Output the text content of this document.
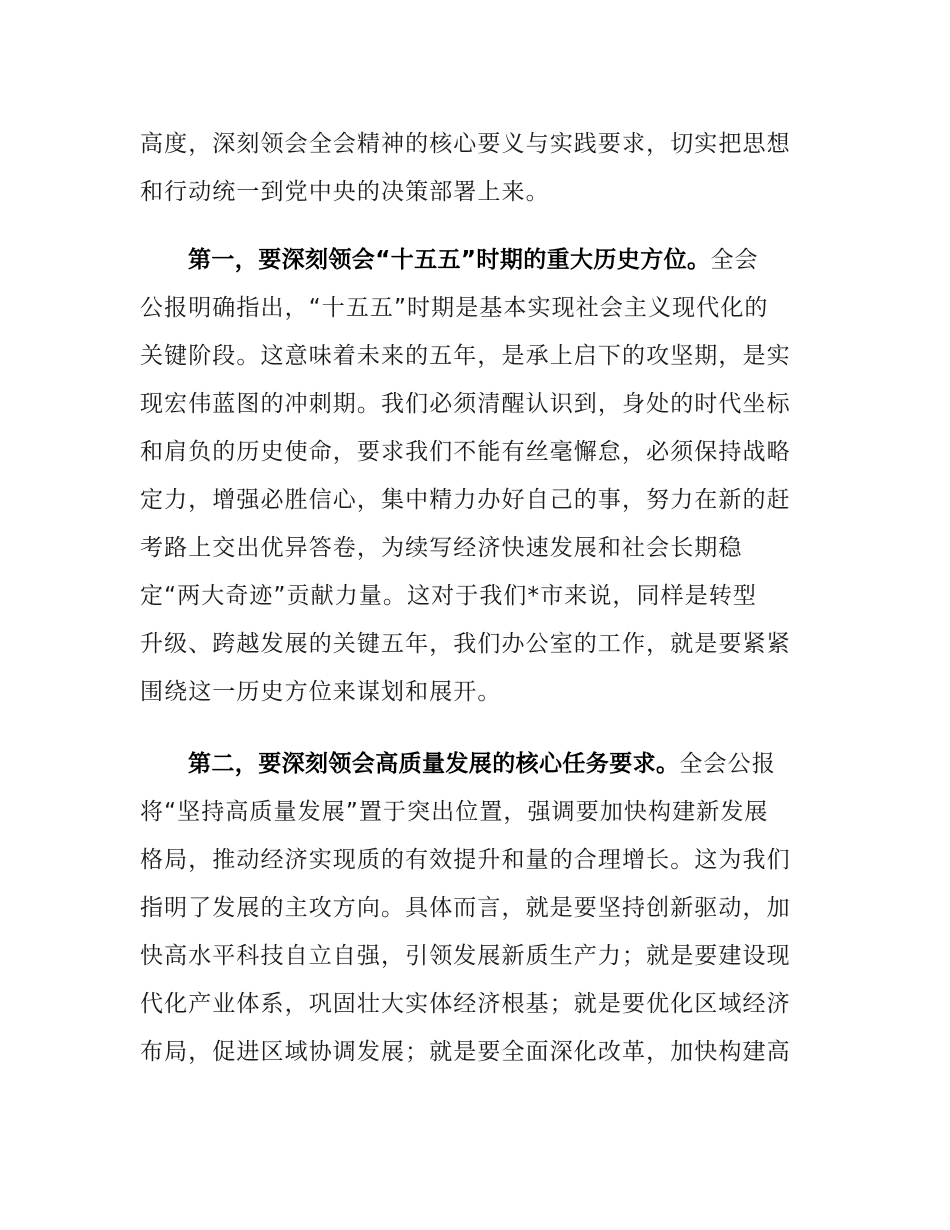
高度，深刻领会全会精神的核心要义与实践要求，切实把思想
和行动统一到党中央的决策部署上来。
第一，要深刻领会“十五五”时期的重大历史方位。全会
公报明确指出，“十五五”时期是基本实现社会主义现代化的
关键阶段。这意味着未来的五年，是承上启下的攻坚期，是实
现宏伟蓝图的冲刺期。我们必须清醒认识到，身处的时代坐标
和肩负的历史使命，要求我们不能有丝毫懈怠，必须保持战略
定力，增强必胜信心，集中精力办好自己的事，努力在新的赶
考路上交出优异答卷，为续写经济快速发展和社会长期稳
定“两大奇迹”贡献力量。这对于我们*市来说，同样是转型
升级、跨越发展的关键五年，我们办公室的工作，就是要紧紧
围绕这一历史方位来谋划和展开。
第二，要深刻领会高质量发展的核心任务要求。全会公报
将“坚持高质量发展”置于突出位置，强调要加快构建新发展
格局，推动经济实现质的有效提升和量的合理增长。这为我们
指明了发展的主攻方向。具体而言，就是要坚持创新驱动，加
快高水平科技自立自强，引领发展新质生产力；就是要建设现
代化产业体系，巩固壮大实体经济根基；就是要优化区域经济
布局，促进区域协调发展；就是要全面深化改革，加快构建高
